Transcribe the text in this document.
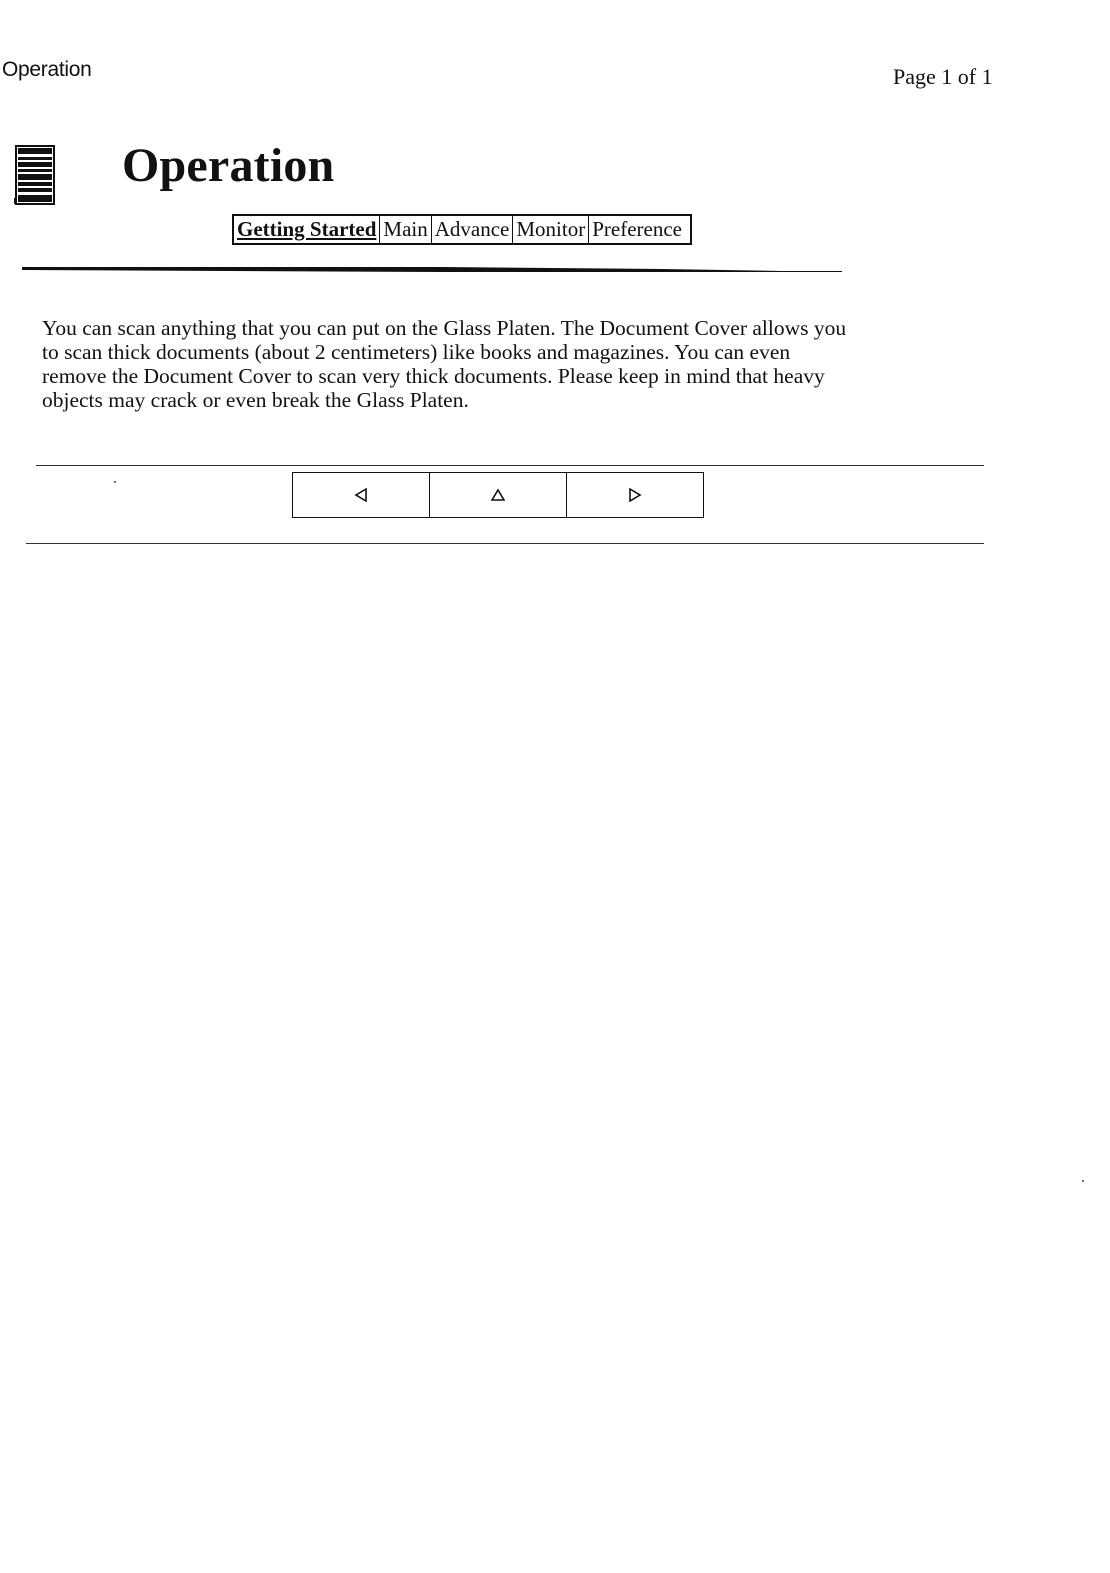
Operation	Page 1 of 1
Operation
Getting Started Main Advance Monitor Preference

You can scan anything that you can put on the Glass Platen. The Document Cover allows you
to scan thick documents (about 2 centimeters) like books and magazines. You can even
remove the Document Cover to scan very thick documents. Please keep in mind that heavy
objects may crack or even break the Glass Platen.
